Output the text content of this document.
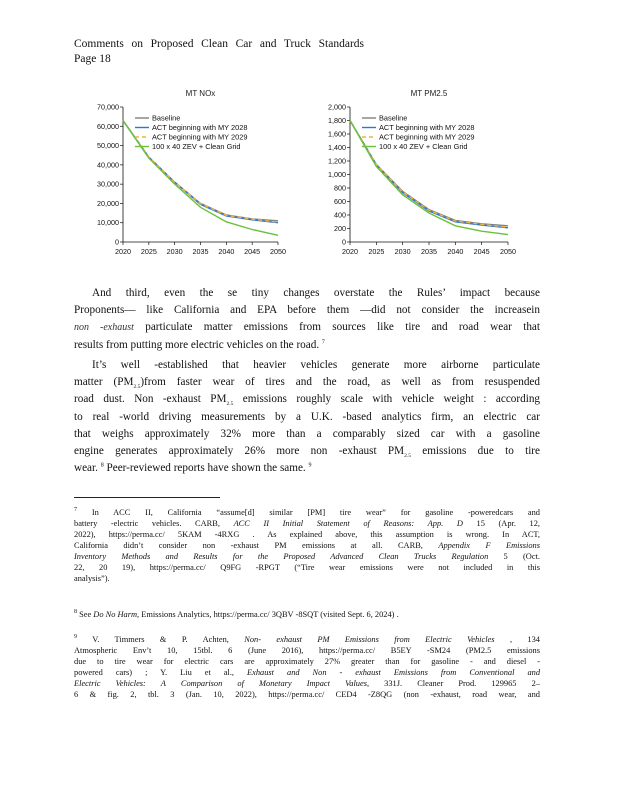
Comments on Proposed Clean Car and Truck Standards
Page 18
MT NOx
0
10,000
20,000
30,000
40,000
50,000
60,000
70,000
2020 2025 2030 2035 2040 2045 2050
Baseline
ACT beginning with MY 2028
ACT beginning with MY 2029
100 x 40 ZEV + Clean Grid
MT PM2.5
0
200
400
600
800
1,000
1,200
1,400
1,600
1,800
2,000
2020 2025 2030 2035 2040 2045 2050
Baseline
ACT beginning with MY 2028
ACT beginning with MY 2029
100 x 40 ZEV + Clean Grid
And third, even the se tiny changes overstate the Rules’ impact because
Proponents— like California and EPA before them —did not consider the increasein
non -exhaust particulate matter emissions from sources like tire and road wear that
results from putting more electric vehicles on the road. $^7$
It’s well -established that heavier vehicles generate more airborne particulate
matter $(PM_{2.5})from$ faster wear of tires and the road, as well as from resuspended
road dust. Non -exhaust $PM_{2.5}$ emissions roughly scale with vehicle weight : according
to real -world driving measurements by a U.K. -based analytics firm, an electric car
that weighs approximately 32% more than a comparably sized car with a gasoline
engine generates approximately 26% more non -exhaust $PM_{2.5}$ emissions due to tire
wear. $^8$ Peer-reviewed reports have shown the same. $^9$
$^7$ In ACC II, California “assume[d] similar [PM] tire wear” for gasoline -poweredcars and
battery -electric vehicles. CARB, ACC II Initial Statement of Reasons: App. D 15 (Apr. 12,
2022), https://perma.cc/ 5KAM -4RXG . As explained above, this assumption is wrong. In ACT,
California didn’t consider non -exhaust PM emissions at all. CARB, Appendix F Emissions
Inventory Methods and Results for the Proposed Advanced Clean Trucks Regulation 5 (Oct.
22, 20 19), https://perma.cc/ Q9FG -RPGT (“Tire wear emissions were not included in this
analysis”).
$^8$ See Do No Harm, Emissions Analytics, https://perma.cc/ 3QBV -8SQT (visited Sept. 6, 2024) .
$^9$ V. Timmers & P. Achten, Non- exhaust PM Emissions from Electric Vehicles , 134
Atmospheric Env’t 10, 15tbl. 6 (June 2016), https://perma.cc/ B5EY -SM24 (PM2.5 emissions
due to tire wear for electric cars are approximately 27% greater than for gasoline - and diesel -
powered cars) ; Y. Liu et al., Exhaust and Non - exhaust Emissions from Conventional and
Electric Vehicles: A Comparison of Monetary Impact Values, 331J. Cleaner Prod. 129965 2–
6 & fig. 2, tbl. 3 (Jan. 10, 2022), https://perma.cc/ CED4 -Z8QG (non -exhaust, road wear, and
